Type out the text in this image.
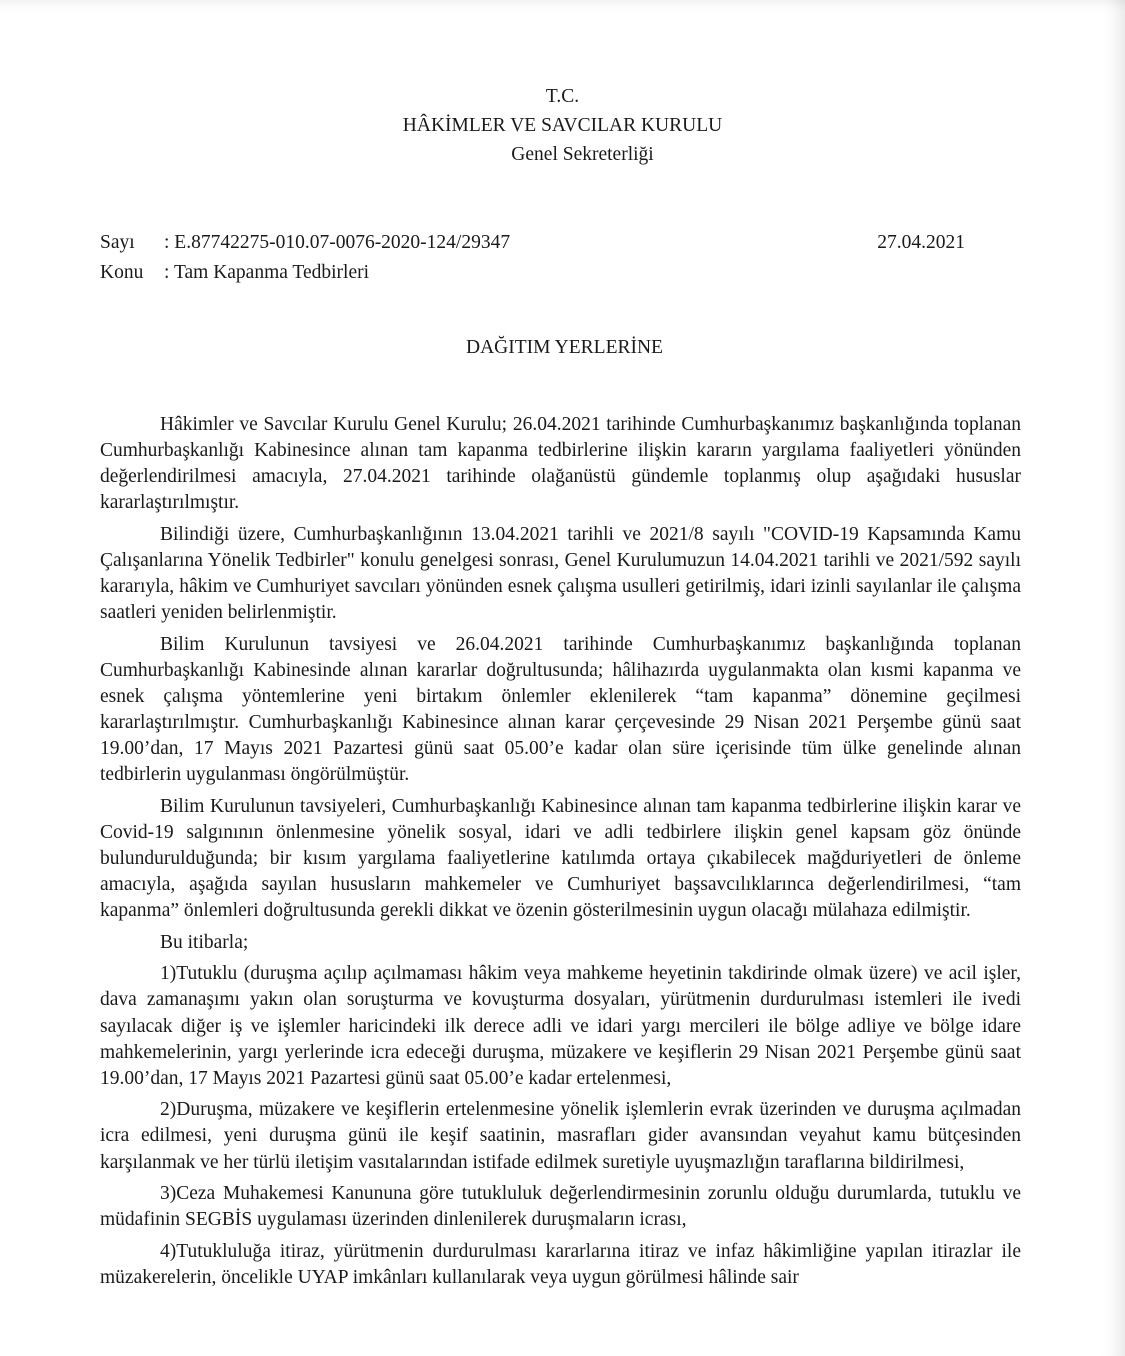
T.C.
HÂKİMLER VE SAVCILAR KURULU
Genel Sekreterliği
Sayı	: E.87742275-010.07-0076-2020-124/29347	27.04.2021
Konu	: Tam Kapanma Tedbirleri
DAĞITIM YERLERİNE

Hâkimler ve Savcılar Kurulu Genel Kurulu; 26.04.2021 tarihinde Cumhurbaşkanımız başkanlığında toplanan Cumhurbaşkanlığı Kabinesince alınan tam kapanma tedbirlerine ilişkin kararın yargılama faaliyetleri yönünden değerlendirilmesi amacıyla, 27.04.2021 tarihinde olağanüstü gündemle toplanmış olup aşağıdaki hususlar kararlaştırılmıştır.

Bilindiği üzere, Cumhurbaşkanlığının 13.04.2021 tarihli ve 2021/8 sayılı "COVID-19 Kapsamında Kamu Çalışanlarına Yönelik Tedbirler" konulu genelgesi sonrası, Genel Kurulumuzun 14.04.2021 tarihli ve 2021/592 sayılı kararıyla, hâkim ve Cumhuriyet savcıları yönünden esnek çalışma usulleri getirilmiş, idari izinli sayılanlar ile çalışma saatleri yeniden belirlenmiştir.

Bilim Kurulunun tavsiyesi ve 26.04.2021 tarihinde Cumhurbaşkanımız başkanlığında toplanan Cumhurbaşkanlığı Kabinesinde alınan kararlar doğrultusunda; hâlihazırda uygulanmakta olan kısmi kapanma ve esnek çalışma yöntemlerine yeni birtakım önlemler eklenilerek “tam kapanma” dönemine geçilmesi kararlaştırılmıştır. Cumhurbaşkanlığı Kabinesince alınan karar çerçevesinde 29 Nisan 2021 Perşembe günü saat 19.00’dan, 17 Mayıs 2021 Pazartesi günü saat 05.00’e kadar olan süre içerisinde tüm ülke genelinde alınan tedbirlerin uygulanması öngörülmüştür.

Bilim Kurulunun tavsiyeleri, Cumhurbaşkanlığı Kabinesince alınan tam kapanma tedbirlerine ilişkin karar ve Covid-19 salgınının önlenmesine yönelik sosyal, idari ve adli tedbirlere ilişkin genel kapsam göz önünde bulundurulduğunda; bir kısım yargılama faaliyetlerine katılımda ortaya çıkabilecek mağduriyetleri de önleme amacıyla, aşağıda sayılan hususların mahkemeler ve Cumhuriyet başsavcılıklarınca değerlendirilmesi, “tam kapanma” önlemleri doğrultusunda gerekli dikkat ve özenin gösterilmesinin uygun olacağı mülahaza edilmiştir.

Bu itibarla;

1)Tutuklu (duruşma açılıp açılmaması hâkim veya mahkeme heyetinin takdirinde olmak üzere) ve acil işler, dava zamanaşımı yakın olan soruşturma ve kovuşturma dosyaları, yürütmenin durdurulması istemleri ile ivedi sayılacak diğer iş ve işlemler haricindeki ilk derece adli ve idari yargı mercileri ile bölge adliye ve bölge idare mahkemelerinin, yargı yerlerinde icra edeceği duruşma, müzakere ve keşiflerin 29 Nisan 2021 Perşembe günü saat 19.00’dan, 17 Mayıs 2021 Pazartesi günü saat 05.00’e kadar ertelenmesi,

2)Duruşma, müzakere ve keşiflerin ertelenmesine yönelik işlemlerin evrak üzerinden ve duruşma açılmadan icra edilmesi, yeni duruşma günü ile keşif saatinin, masrafları gider avansından veyahut kamu bütçesinden karşılanmak ve her türlü iletişim vasıtalarından istifade edilmek suretiyle uyuşmazlığın taraflarına bildirilmesi,

3)Ceza Muhakemesi Kanununa göre tutukluluk değerlendirmesinin zorunlu olduğu durumlarda, tutuklu ve müdafinin SEGBİS uygulaması üzerinden dinlenilerek duruşmaların icrası,

4)Tutukluluğa itiraz, yürütmenin durdurulması kararlarına itiraz ve infaz hâkimliğine yapılan itirazlar ile müzakerelerin, öncelikle UYAP imkânları kullanılarak veya uygun görülmesi hâlinde sair
